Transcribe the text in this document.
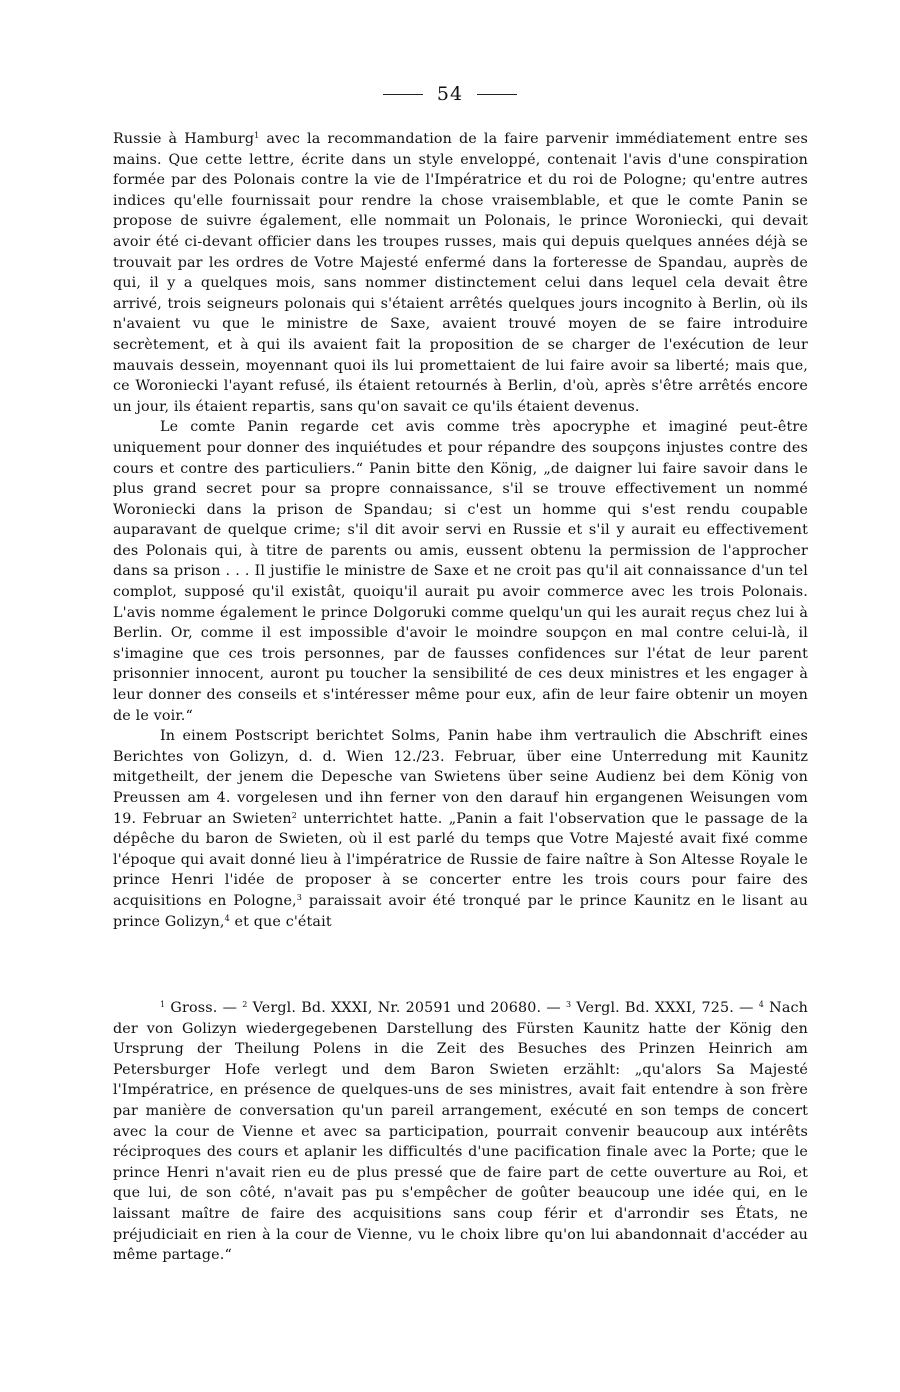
54

Russie à Hamburg$^1$ avec la recommandation de la faire parvenir immédiatement entre ses mains. Que cette lettre, écrite dans un style enveloppé, contenait l'avis d'une conspiration formée par des Polonais contre la vie de l'Impératrice et du roi de Pologne; qu'entre autres indices qu'elle fournissait pour rendre la chose vraisemblable, et que le comte Panin se propose de suivre également, elle nommait un Polonais, le prince Woroniecki, qui devait avoir été ci-devant officier dans les troupes russes, mais qui depuis quelques années déjà se trouvait par les ordres de Votre Majesté enfermé dans la forteresse de Spandau, auprès de qui, il y a quelques mois, sans nommer distinctement celui dans lequel cela devait être arrivé, trois seigneurs polonais qui s'étaient arrêtés quelques jours incognito à Berlin, où ils n'avaient vu que le ministre de Saxe, avaient trouvé moyen de se faire introduire secrètement, et à qui ils avaient fait la proposition de se charger de l'exécution de leur mauvais dessein, moyennant quoi ils lui promettaient de lui faire avoir sa liberté; mais que, ce Woroniecki l'ayant refusé, ils étaient retournés à Berlin, d'où, après s'être arrêtés encore un jour, ils étaient repartis, sans qu'on savait ce qu'ils étaient devenus.

Le comte Panin regarde cet avis comme très apocryphe et imaginé peut-être uniquement pour donner des inquiétudes et pour répandre des soupçons injustes contre des cours et contre des particuliers.“ Panin bitte den König, „de daigner lui faire savoir dans le plus grand secret pour sa propre connaissance, s'il se trouve effectivement un nommé Woroniecki dans la prison de Spandau; si c'est un homme qui s'est rendu coupable auparavant de quelque crime; s'il dit avoir servi en Russie et s'il y aurait eu effectivement des Polonais qui, à titre de parents ou amis, eussent obtenu la permission de l'approcher dans sa prison . . . Il justifie le ministre de Saxe et ne croit pas qu'il ait connaissance d'un tel complot, supposé qu'il existât, quoiqu'il aurait pu avoir commerce avec les trois Polonais. L'avis nomme également le prince Dolgoruki comme quelqu'un qui les aurait reçus chez lui à Berlin. Or, comme il est impossible d'avoir le moindre soupçon en mal contre celui-là, il s'imagine que ces trois personnes, par de fausses confidences sur l'état de leur parent prisonnier innocent, auront pu toucher la sensibilité de ces deux ministres et les engager à leur donner des conseils et s'intéresser même pour eux, afin de leur faire obtenir un moyen de le voir.“

In einem Postscript berichtet Solms, Panin habe ihm vertraulich die Abschrift eines Berichtes von Golizyn, d. d. Wien 12./23. Februar, über eine Unterredung mit Kaunitz mitgetheilt, der jenem die Depesche van Swietens über seine Audienz bei dem König von Preussen am 4. vorgelesen und ihn ferner von den darauf hin ergangenen Weisungen vom 19. Februar an Swieten$^2$ unterrichtet hatte. „Panin a fait l'observation que le passage de la dépêche du baron de Swieten, où il est parlé du temps que Votre Majesté avait fixé comme l'époque qui avait donné lieu à l'impératrice de Russie de faire naître à Son Altesse Royale le prince Henri l'idée de proposer à se concerter entre les trois cours pour faire des acquisitions en Pologne,$^3$ paraissait avoir été tronqué par le prince Kaunitz en le lisant au prince Golizyn,$^4$ et que c'était

$^1$ Gross. — $^2$ Vergl. Bd. XXXI, Nr. 20591 und 20680. — $^3$ Vergl. Bd. XXXI, 725. — $^4$ Nach der von Golizyn wiedergegebenen Darstellung des Fürsten Kaunitz hatte der König den Ursprung der Theilung Polens in die Zeit des Besuches des Prinzen Heinrich am Petersburger Hofe verlegt und dem Baron Swieten erzählt: „qu'alors Sa Majesté l'Impératrice, en présence de quelques-uns de ses ministres, avait fait entendre à son frère par manière de conversation qu'un pareil arrangement, exécuté en son temps de concert avec la cour de Vienne et avec sa participation, pourrait convenir beaucoup aux intérêts réciproques des cours et aplanir les difficultés d'une pacification finale avec la Porte; que le prince Henri n'avait rien eu de plus pressé que de faire part de cette ouverture au Roi, et que lui, de son côté, n'avait pas pu s'empêcher de goûter beaucoup une idée qui, en le laissant maître de faire des acquisitions sans coup férir et d'arrondir ses États, ne préjudiciait en rien à la cour de Vienne, vu le choix libre qu'on lui abandonnait d'accéder au même partage.“
